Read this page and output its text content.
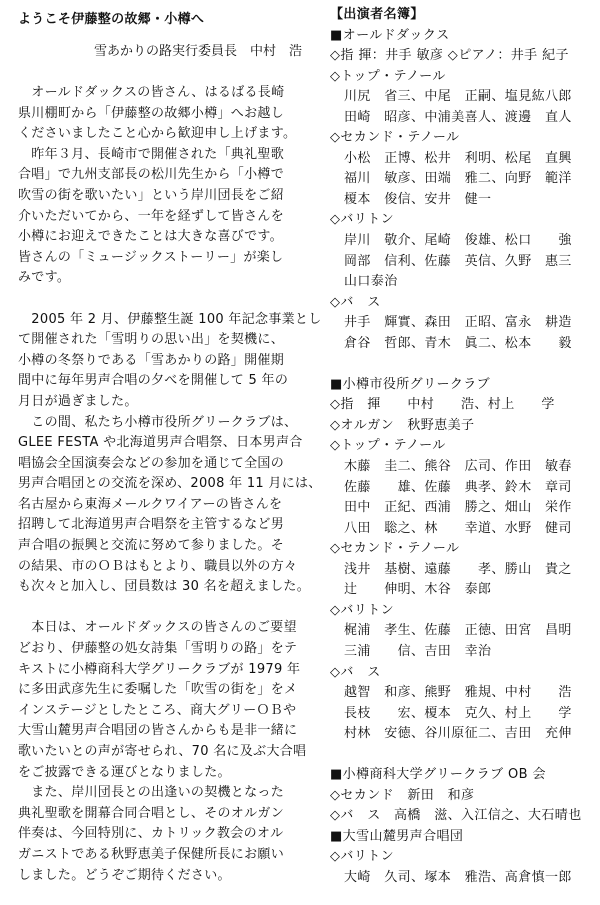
ようこそ伊藤整の故郷・小樽へ
雪あかりの路実行委員長　中村　浩
　オールドダックスの皆さん、はるばる長崎
県川棚町から「伊藤整の故郷小樽」へお越し
くださいましたこと心から歓迎申し上げます。
　昨年３月、長崎市で開催された「典礼聖歌
合唱」で九州支部長の松川先生から「小樽で
吹雪の街を歌いたい」という岸川団長をご紹
介いただいてから、一年を経ずして皆さんを
小樽にお迎えできたことは大きな喜びです。
皆さんの「ミュージックストーリー」が楽し
みです。
　2005 年 2 月、伊藤整生誕 100 年記念事業とし
て開催された「雪明りの思い出」を契機に、
小樽の冬祭りである「雪あかりの路」開催期
間中に毎年男声合唱の夕べを開催して 5 年の
月日が過ぎました。
　この間、私たち小樽市役所グリークラブは、
GLEE FESTA や北海道男声合唱祭、日本男声合
唱協会全国演奏会などの参加を通じて全国の
男声合唱団との交流を深め、2008 年 11 月には、
名古屋から東海メールクワイアーの皆さんを
招聘して北海道男声合唱祭を主管するなど男
声合唱の振興と交流に努めて参りました。そ
の結果、市のＯＢはもとより、職員以外の方々
も次々と加入し、団員数は 30 名を超えました。
　本日は、オールドダックスの皆さんのご要望
どおり、伊藤整の処女詩集「雪明りの路」をテ
キストに小樽商科大学グリークラブが 1979 年
に多田武彦先生に委嘱した「吹雪の街を」をメ
インステージとしたところ、商大グリーＯＢや
大雪山麓男声合唱団の皆さんからも是非一緒に
歌いたいとの声が寄せられ、70 名に及ぶ大合唱
をご披露できる運びとなりました。
　また、岸川団長との出逢いの契機となった
典礼聖歌を開幕合同合唱とし、そのオルガン
伴奏は、今回特別に、カトリック教会のオル
ガニストである秋野恵美子保健所長にお願い
しました。どうぞご期待ください。
【出演者名簿】
■オールドダックス
◇指 揮：井手 敏彦 ◇ピアノ：井手 紀子
◇トップ・テノール
川尻　省三、中尾　正嗣、塩見紘八郎
田崎　昭彦、中浦美喜人、渡邊　直人
◇セカンド・テノール
小松　正博、松井　利明、松尾　直興
福川　敏彦、田端　雅二、向野　範洋
榎本　俊信、安井　健一
◇バリトン
岸川　敬介、尾崎　俊雄、松口　　強
岡部　信利、佐藤　英信、久野　惠三
山口泰治
◇バ　ス
井手　輝實、森田　正昭、富永　耕造
倉谷　哲郎、青木　眞二、松本　　毅
■小樽市役所グリークラブ
◇指　揮　　中村　　浩、村上　　学
◇オルガン　秋野恵美子
◇トップ・テノール
木藤　圭二、熊谷　広司、作田　敏春
佐藤　　雄、佐藤　典孝、鈴木　章司
田中　正紀、西浦　勝之、畑山　栄作
八田　聡之、林　　幸道、水野　健司
◇セカンド・テノール
浅井　基樹、遠藤　　孝、勝山　貴之
辻　　伸明、木谷　泰郎
◇バリトン
梶浦　孝生、佐藤　正徳、田宮　昌明
三浦　　信、吉田　幸治
◇バ　ス
越智　和彦、熊野　雅規、中村　　浩
長枝　　宏、榎本　克久、村上　　学
村林　安徳、谷川原征二、吉田　充伸
■小樽商科大学グリークラブ OB 会
◇セカンド　新田　和彦
◇バ　ス　高橋　滋、入江信之、大石晴也
■大雪山麓男声合唱団
◇バリトン
大崎　久司、塚本　雅浩、高倉慎一郎
